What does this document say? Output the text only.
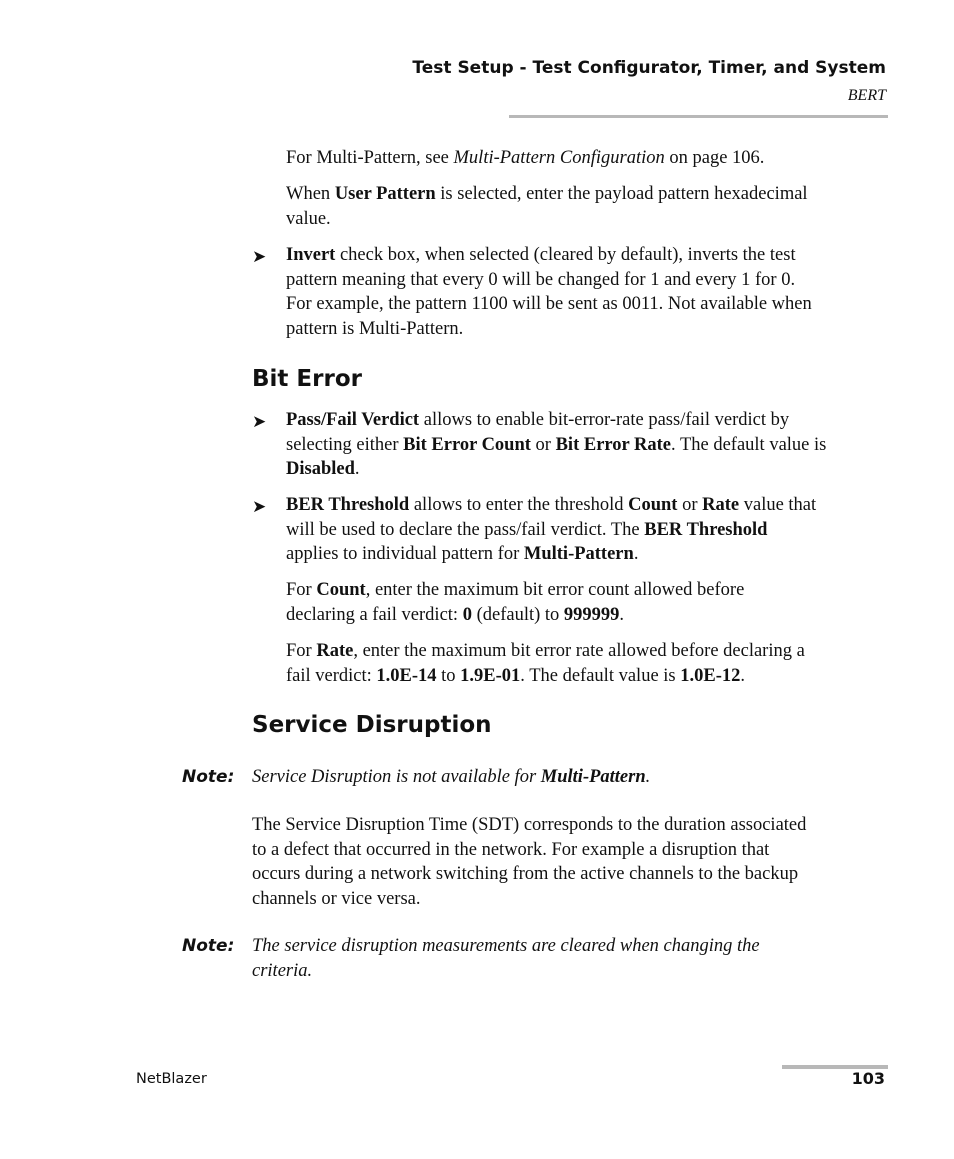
Test Setup - Test Configurator, Timer, and System
BERT

For Multi-Pattern, see Multi-Pattern Configuration on page 106.

When User Pattern is selected, enter the payload pattern hexadecimal
value.

➤ Invert check box, when selected (cleared by default), inverts the test
pattern meaning that every 0 will be changed for 1 and every 1 for 0.
For example, the pattern 1100 will be sent as 0011. Not available when
pattern is Multi-Pattern.

Bit Error
➤ Pass/Fail Verdict allows to enable bit-error-rate pass/fail verdict by
selecting either Bit Error Count or Bit Error Rate. The default value is
Disabled.

➤ BER Threshold allows to enter the threshold Count or Rate value that
will be used to declare the pass/fail verdict. The BER Threshold
applies to individual pattern for Multi-Pattern.

For Count, enter the maximum bit error count allowed before
declaring a fail verdict: 0 (default) to 999999.

For Rate, enter the maximum bit error rate allowed before declaring a
fail verdict: 1.0E-14 to 1.9E-01. The default value is 1.0E-12.

Service Disruption
Note: Service Disruption is not available for Multi-Pattern.

The Service Disruption Time (SDT) corresponds to the duration associated
to a defect that occurred in the network. For example a disruption that
occurs during a network switching from the active channels to the backup
channels or vice versa.

Note: The service disruption measurements are cleared when changing the
criteria.

NetBlazer	103
